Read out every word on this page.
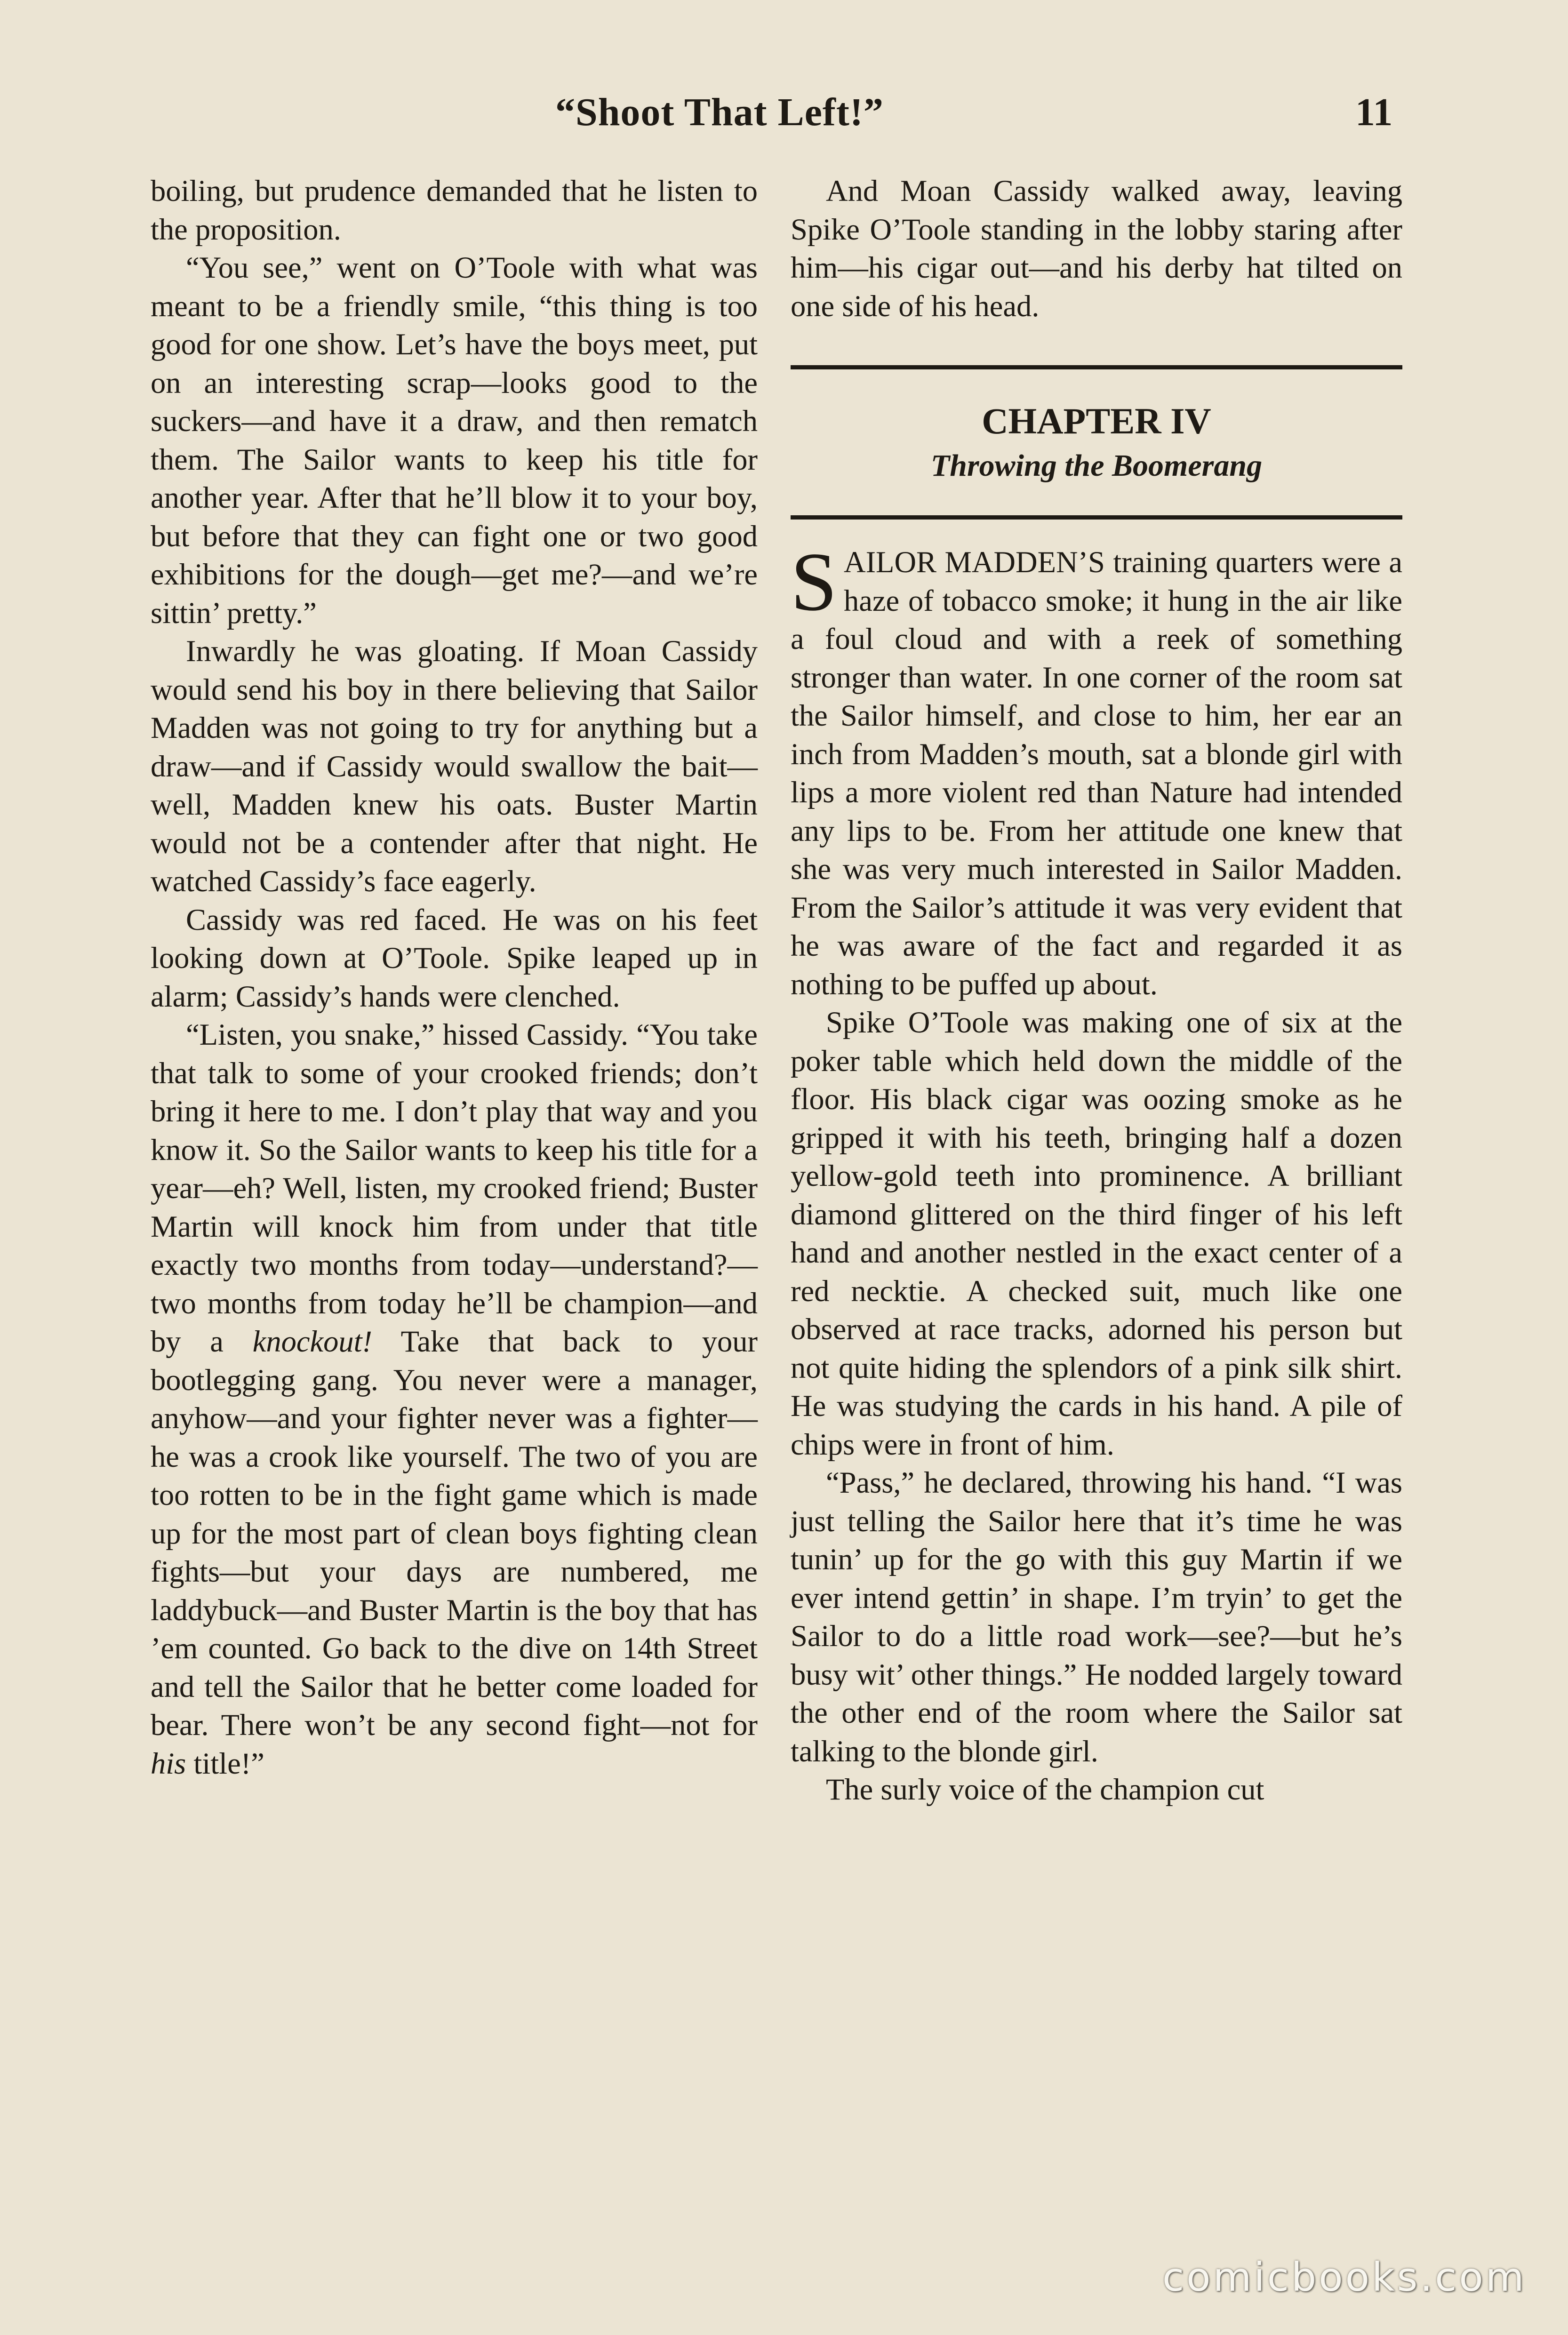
“Shoot That Left!”	11

boiling, but prudence demanded that he listen to the proposition.

“You see,” went on O’Toole with what was meant to be a friendly smile, “this thing is too good for one show. Let’s have the boys meet, put on an interesting scrap—looks good to the suckers—and have it a draw, and then rematch them. The Sailor wants to keep his title for another year. After that he’ll blow it to your boy, but before that they can fight one or two good exhibitions for the dough—get me?—and we’re sittin’ pretty.”

Inwardly he was gloating. If Moan Cassidy would send his boy in there believing that Sailor Madden was not going to try for anything but a draw—and if Cassidy would swallow the bait—well, Madden knew his oats. Buster Martin would not be a contender after that night. He watched Cassidy’s face eagerly.

Cassidy was red faced. He was on his feet looking down at O’Toole. Spike leaped up in alarm; Cassidy’s hands were clenched.

“Listen, you snake,” hissed Cassidy. “You take that talk to some of your crooked friends; don’t bring it here to me. I don’t play that way and you know it. So the Sailor wants to keep his title for a year—eh? Well, listen, my crooked friend; Buster Martin will knock him from under that title exactly two months from today—understand?—two months from today he’ll be champion—and by a knockout! Take that back to your bootlegging gang. You never were a manager, anyhow—and your fighter never was a fighter—he was a crook like yourself. The two of you are too rotten to be in the fight game which is made up for the most part of clean boys fighting clean fights—but your days are numbered, me laddybuck—and Buster Martin is the boy that has ’em counted. Go back to the dive on 14th Street and tell the Sailor that he better come loaded for bear. There won’t be any second fight—not for his title!”

And Moan Cassidy walked away, leaving Spike O’Toole standing in the lobby staring after him—his cigar out—and his derby hat tilted on one side of his head.

CHAPTER IV
Throwing the Boomerang

SAILOR MADDEN’S training quarters were a haze of tobacco smoke; it hung in the air like a foul cloud and with a reek of something stronger than water. In one corner of the room sat the Sailor himself, and close to him, her ear an inch from Madden’s mouth, sat a blonde girl with lips a more violent red than Nature had intended any lips to be. From her attitude one knew that she was very much interested in Sailor Madden. From the Sailor’s attitude it was very evident that he was aware of the fact and regarded it as nothing to be puffed up about.

Spike O’Toole was making one of six at the poker table which held down the middle of the floor. His black cigar was oozing smoke as he gripped it with his teeth, bringing half a dozen yellow-gold teeth into prominence. A brilliant diamond glittered on the third finger of his left hand and another nestled in the exact center of a red necktie. A checked suit, much like one observed at race tracks, adorned his person but not quite hiding the splendors of a pink silk shirt. He was studying the cards in his hand. A pile of chips were in front of him.

“Pass,” he declared, throwing his hand. “I was just telling the Sailor here that it’s time he was tunin’ up for the go with this guy Martin if we ever intend gettin’ in shape. I’m tryin’ to get the Sailor to do a little road work—see?—but he’s busy wit’ other things.” He nodded largely toward the other end of the room where the Sailor sat talking to the blonde girl.

The surly voice of the champion cut

comicbooks.com
